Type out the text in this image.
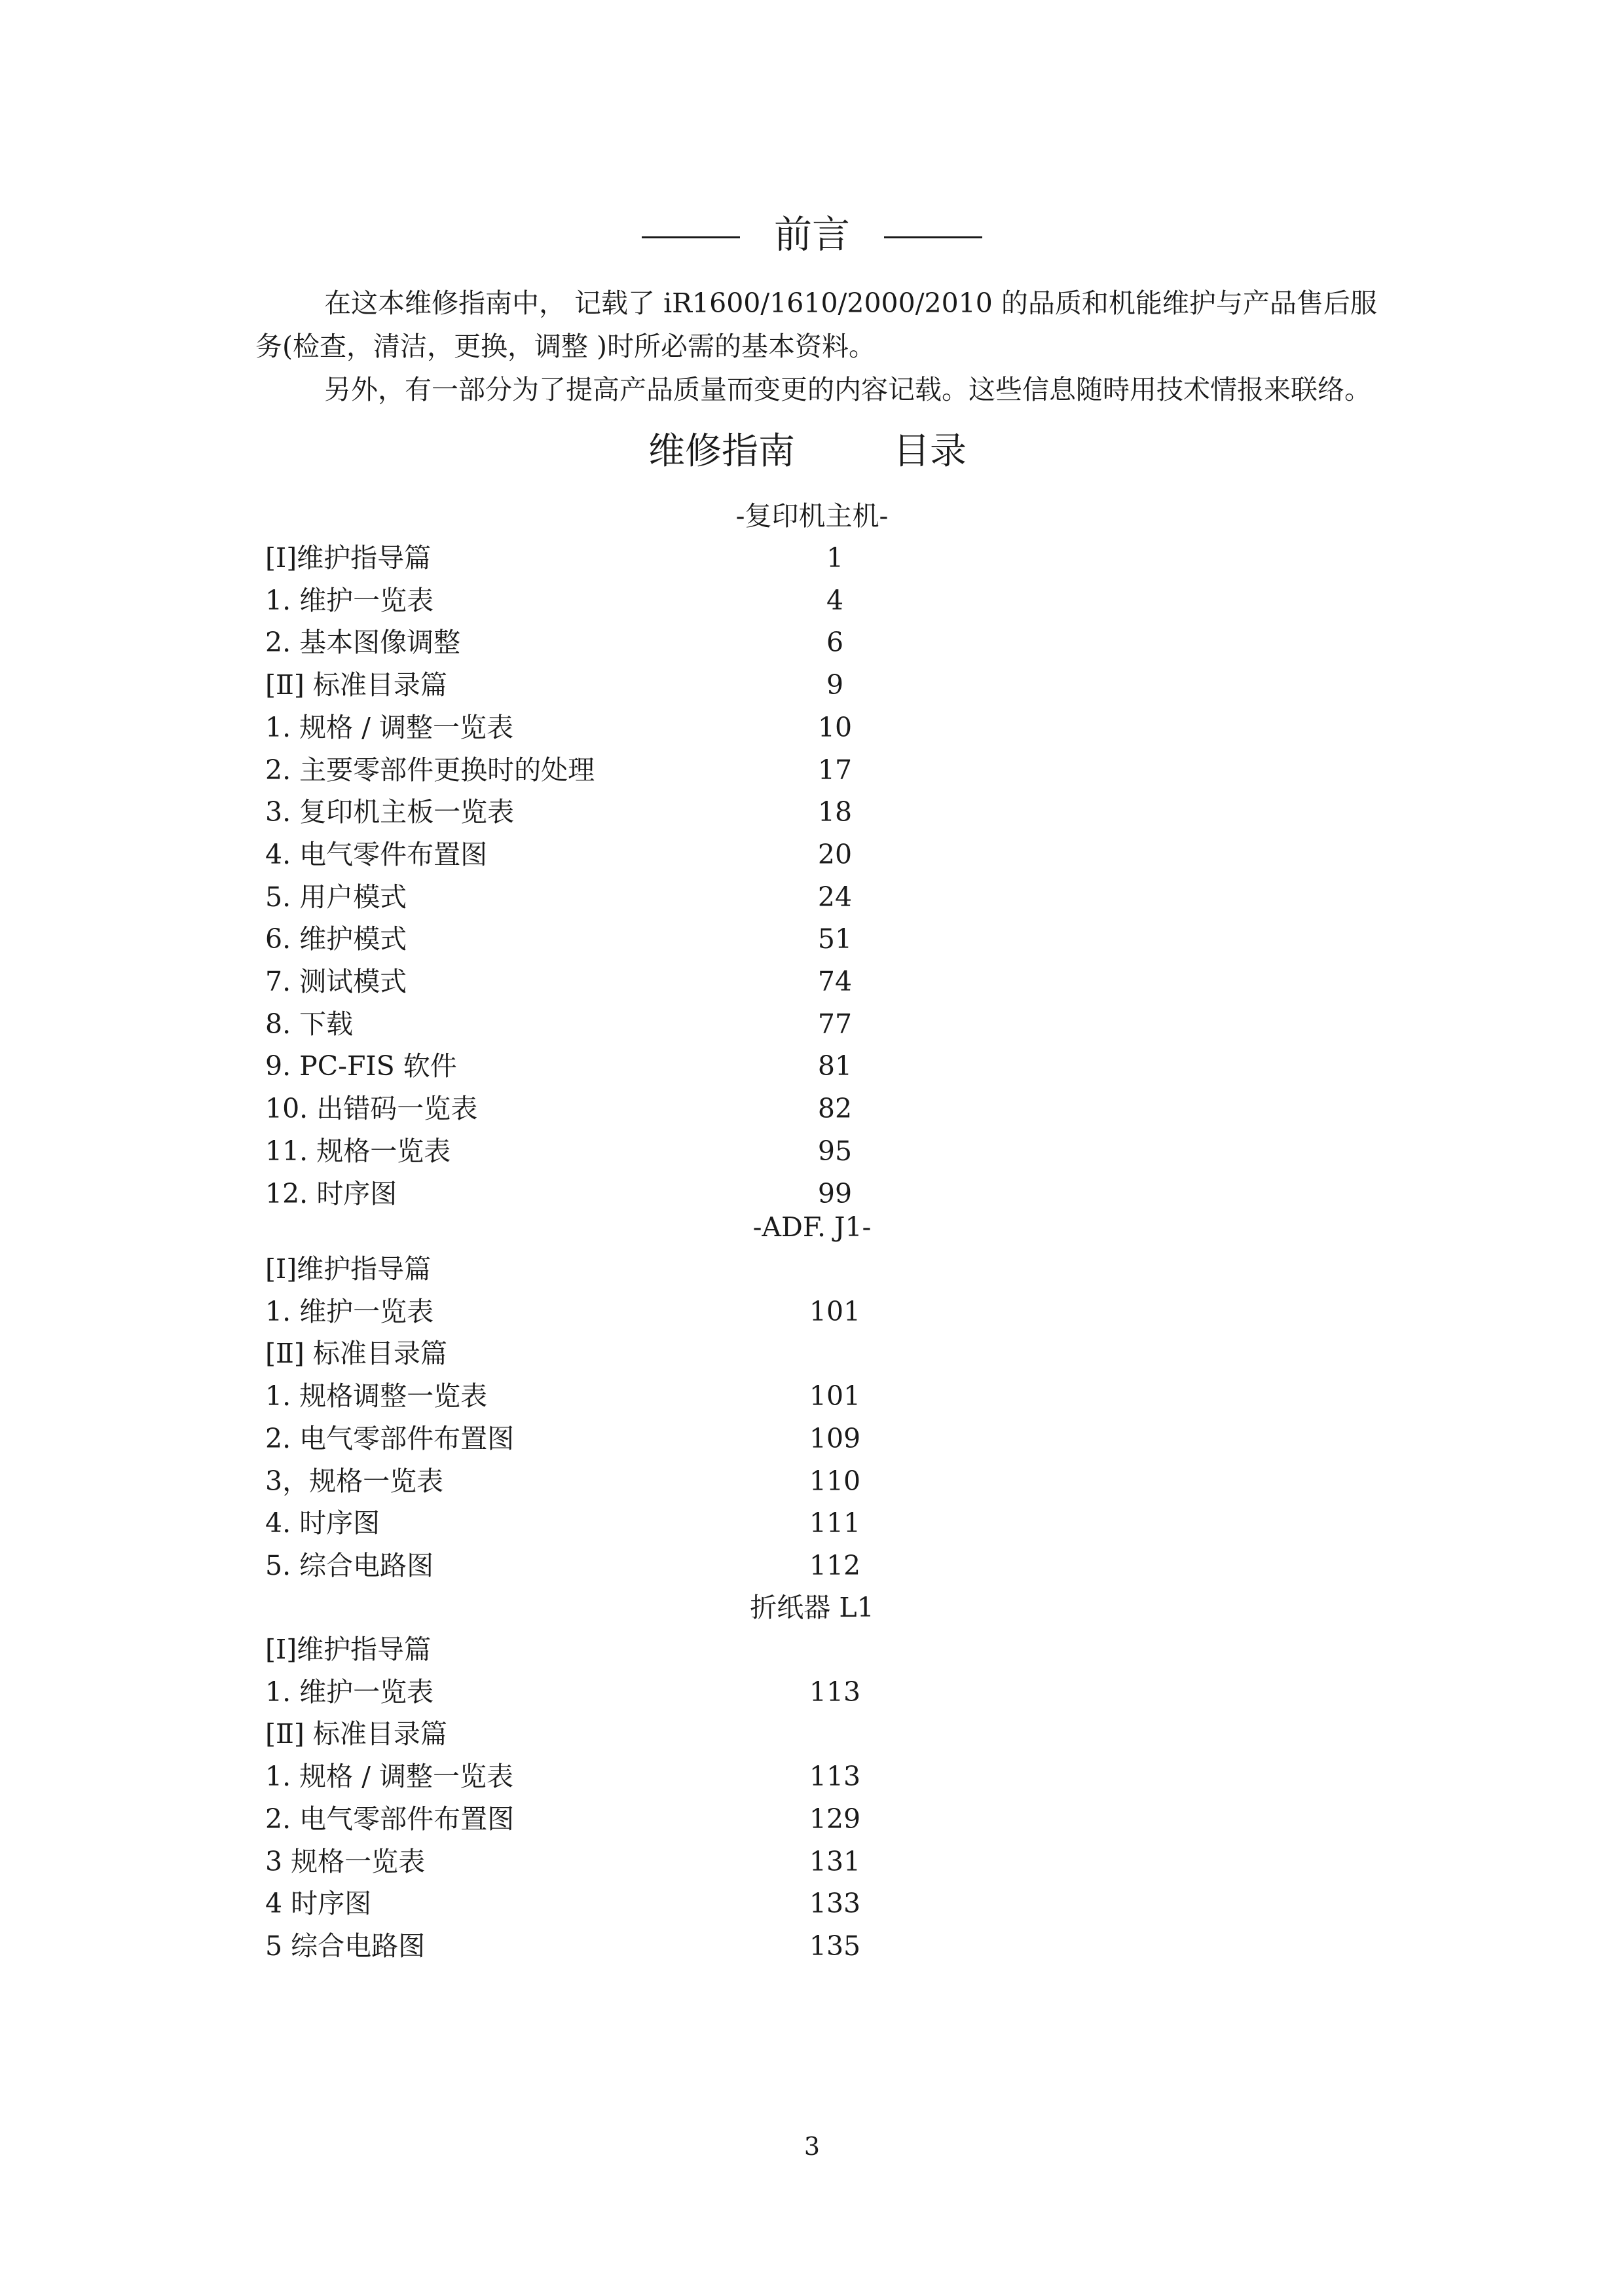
前言
在这本维修指南中， 记载了 iR1600/1610/2000/2010 的品质和机能维护与产品售后服
务(检查，清洁，更换，调整 )时所必需的基本资料。
另外，有一部分为了提高产品质量而变更的内容记载。这些信息随時用技术情报来联络。
维修指南	目录
-复印机主机-
[Ⅰ]维护指导篇	1
1. 维护一览表	4
2. 基本图像调整	6
[Ⅱ] 标准目录篇	9
1. 规格 / 调整一览表	10
2. 主要零部件更换时的处理	17
3. 复印机主板一览表	18
4. 电气零件布置图	20
5. 用户模式	24
6. 维护模式	51
7. 测试模式	74
8. 下载	77
9. PC-FIS 软件	81
10. 出错码一览表	82
11. 规格一览表	95
12. 时序图	99
-ADF. J1-
[Ⅰ]维护指导篇
1. 维护一览表	101
[Ⅱ] 标准目录篇
1. 规格调整一览表	101
2. 电气零部件布置图	109
3，规格一览表	110
4. 时序图	111
5. 综合电路图	112
折纸器 L1
[Ⅰ]维护指导篇
1. 维护一览表	113
[Ⅱ] 标准目录篇
1. 规格 / 调整一览表	113
2. 电气零部件布置图	129
3 规格一览表	131
4 时序图	133
5 综合电路图	135
3
